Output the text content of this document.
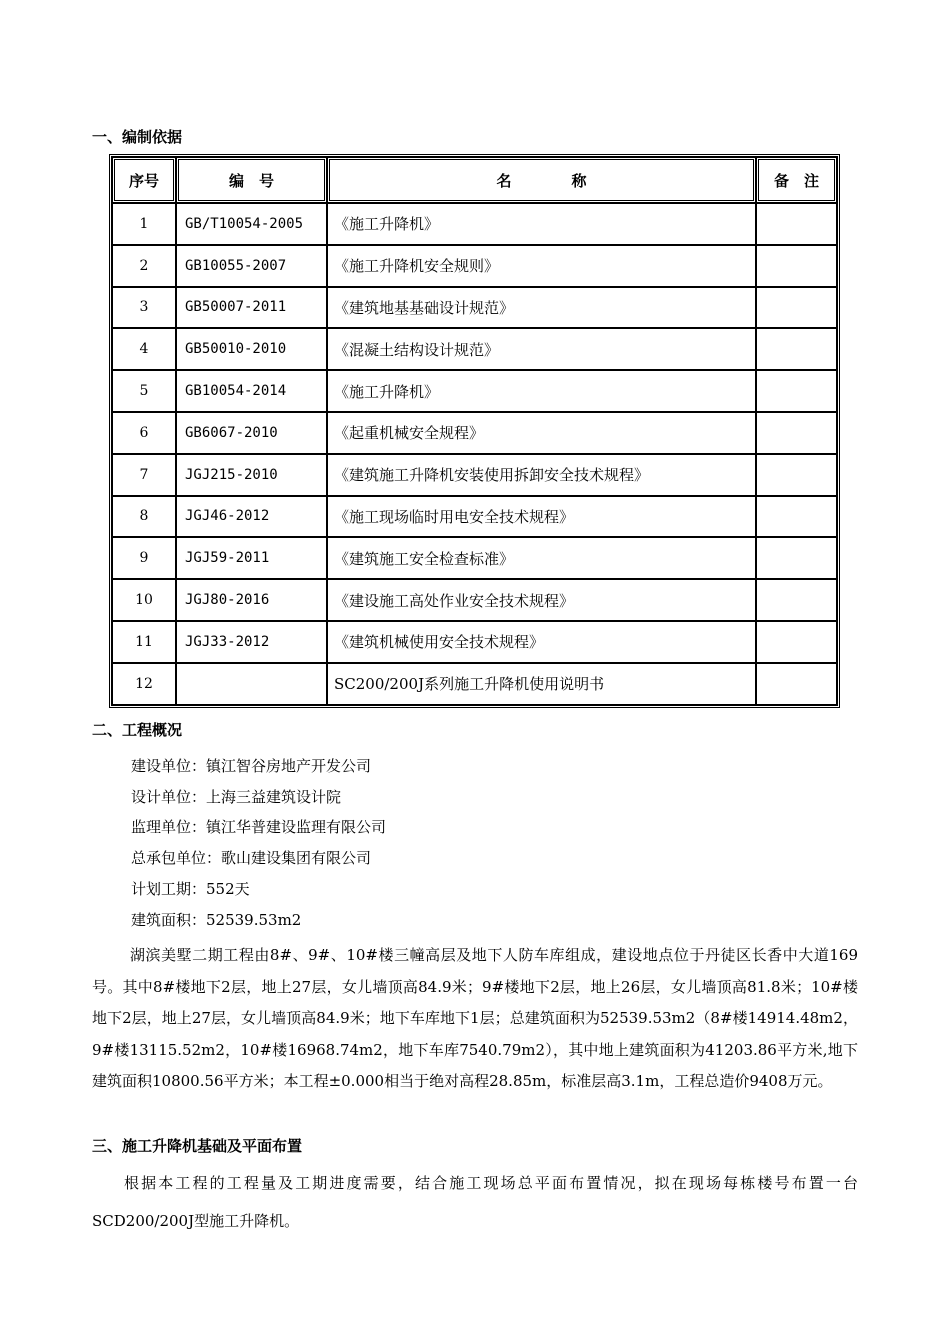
一、编制依据
序号	编　号	名　　　　称	备　注
1	GB/T10054-2005	《施工升降机》	
2	GB10055-2007	《施工升降机安全规则》	
3	GB50007-2011	《建筑地基基础设计规范》	
4	GB50010-2010	《混凝土结构设计规范》	
5	GB10054-2014	《施工升降机》	
6	GB6067-2010	《起重机械安全规程》	
7	JGJ215-2010	《建筑施工升降机安装使用拆卸安全技术规程》	
8	JGJ46-2012	《施工现场临时用电安全技术规程》	
9	JGJ59-2011	《建筑施工安全检查标准》	
10	JGJ80-2016	《建设施工高处作业安全技术规程》	
11	JGJ33-2012	《建筑机械使用安全技术规程》	
12		SC200/200J系列施工升降机使用说明书	
二、工程概况
建设单位：镇江智谷房地产开发公司
设计单位：上海三益建筑设计院
监理单位：镇江华普建设监理有限公司
总承包单位：歌山建设集团有限公司
计划工期：552天
建筑面积：52539.53m2
湖滨美墅二期工程由8#、9#、10#楼三幢高层及地下人防车库组成，建设地点位于丹徒区长香中大道169号。其中8#楼地下2层，地上27层，女儿墙顶高84.9米；9#楼地下2层，地上26层，女儿墙顶高81.8米；10#楼地下2层，地上27层，女儿墙顶高84.9米；地下车库地下1层；总建筑面积为52539.53m2（8#楼14914.48m2，9#楼13115.52m2，10#楼16968.74m2，地下车库7540.79m2），其中地上建筑面积为41203.86平方米,地下建筑面积10800.56平方米；本工程±0.000相当于绝对高程28.85m，标准层高3.1m，工程总造价9408万元。
三、施工升降机基础及平面布置
根据本工程的工程量及工期进度需要，结合施工现场总平面布置情况，拟在现场每栋楼号布置一台SCD200/200J型施工升降机。
